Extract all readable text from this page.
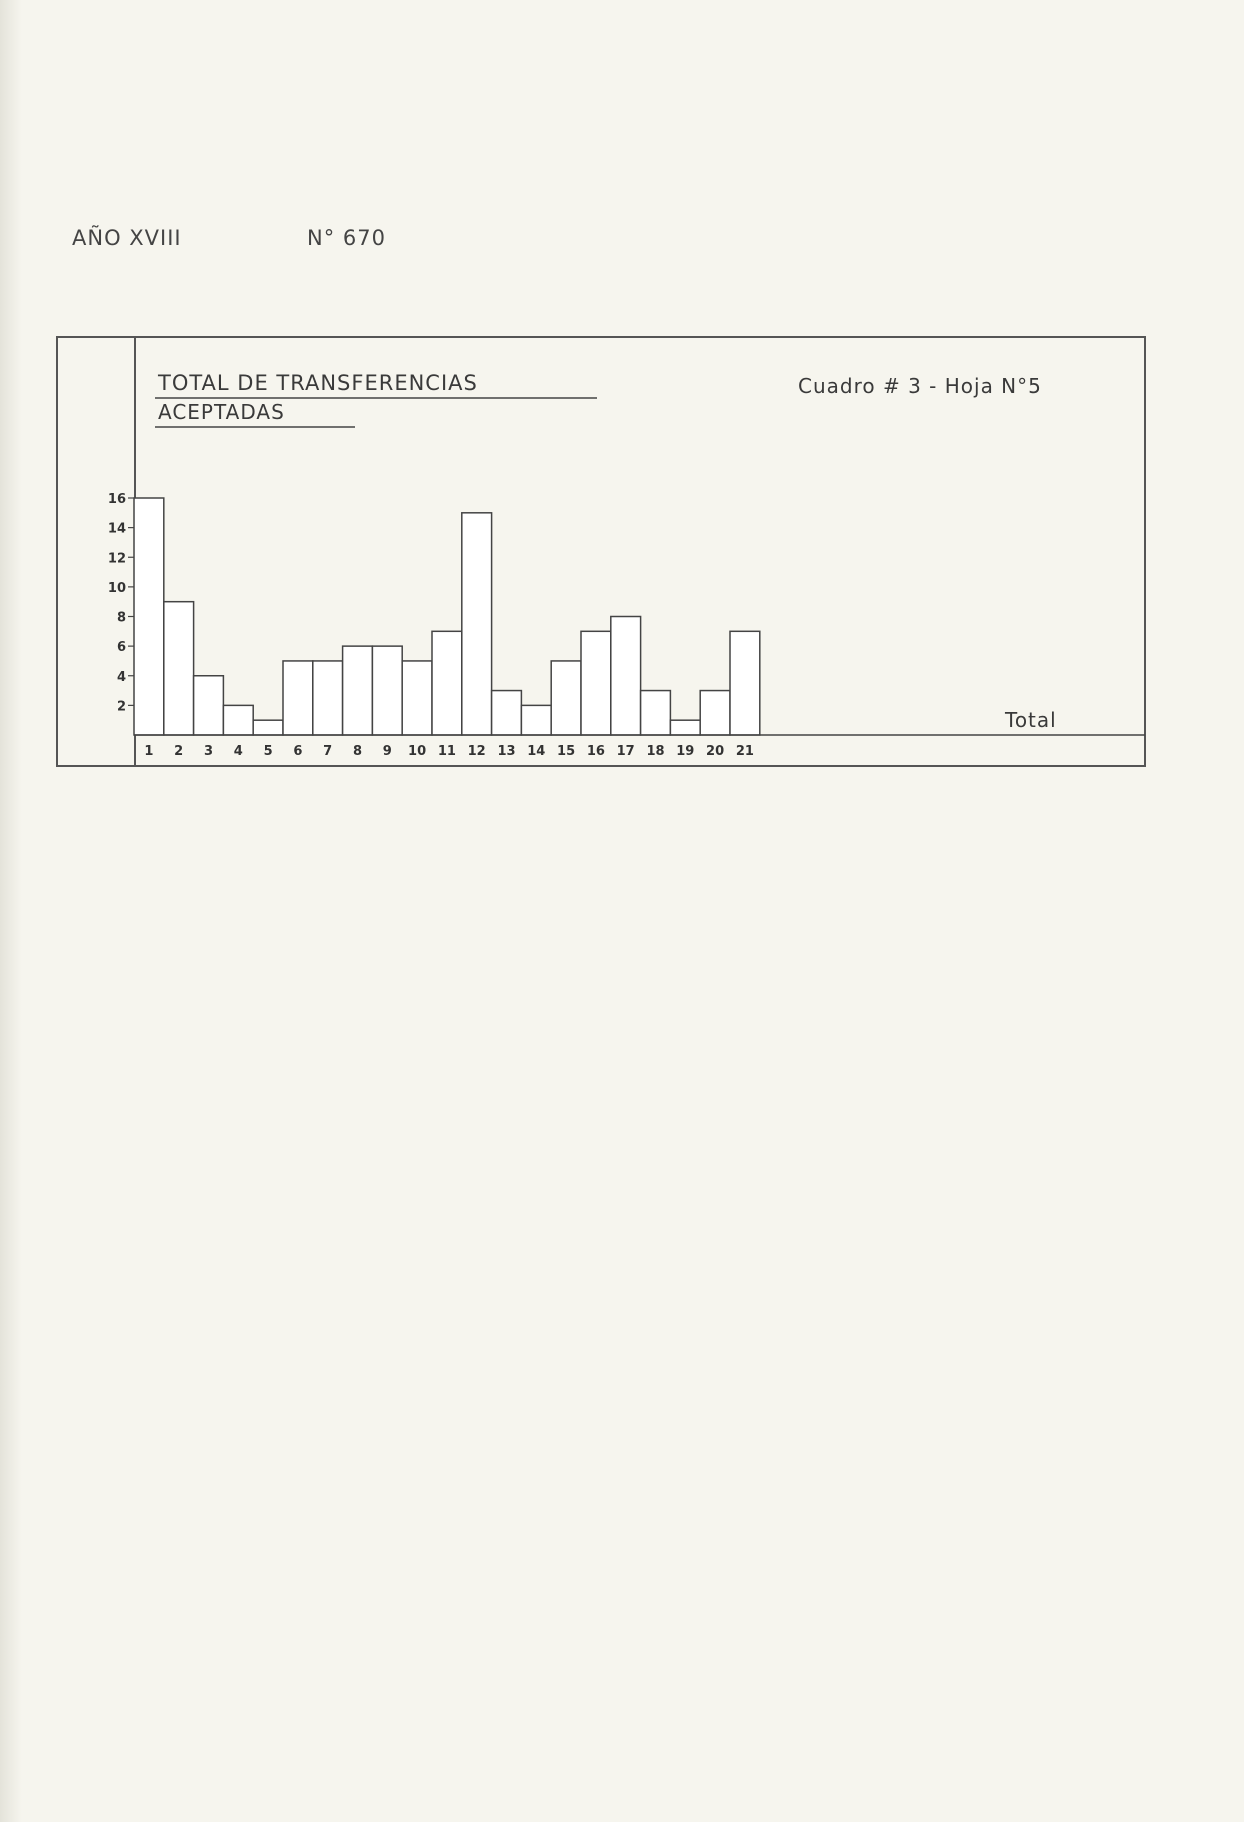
AÑO XVIII	N° 670
TOTAL DE TRANSFERENCIAS
ACEPTADAS
Cuadro # 3 - Hoja N°5
2
4
6
8
10
12
14
16
1 2 3 4 5 6 7 8 9 10 11 12 13 14 15 16 17 18 19 20 21
Total
